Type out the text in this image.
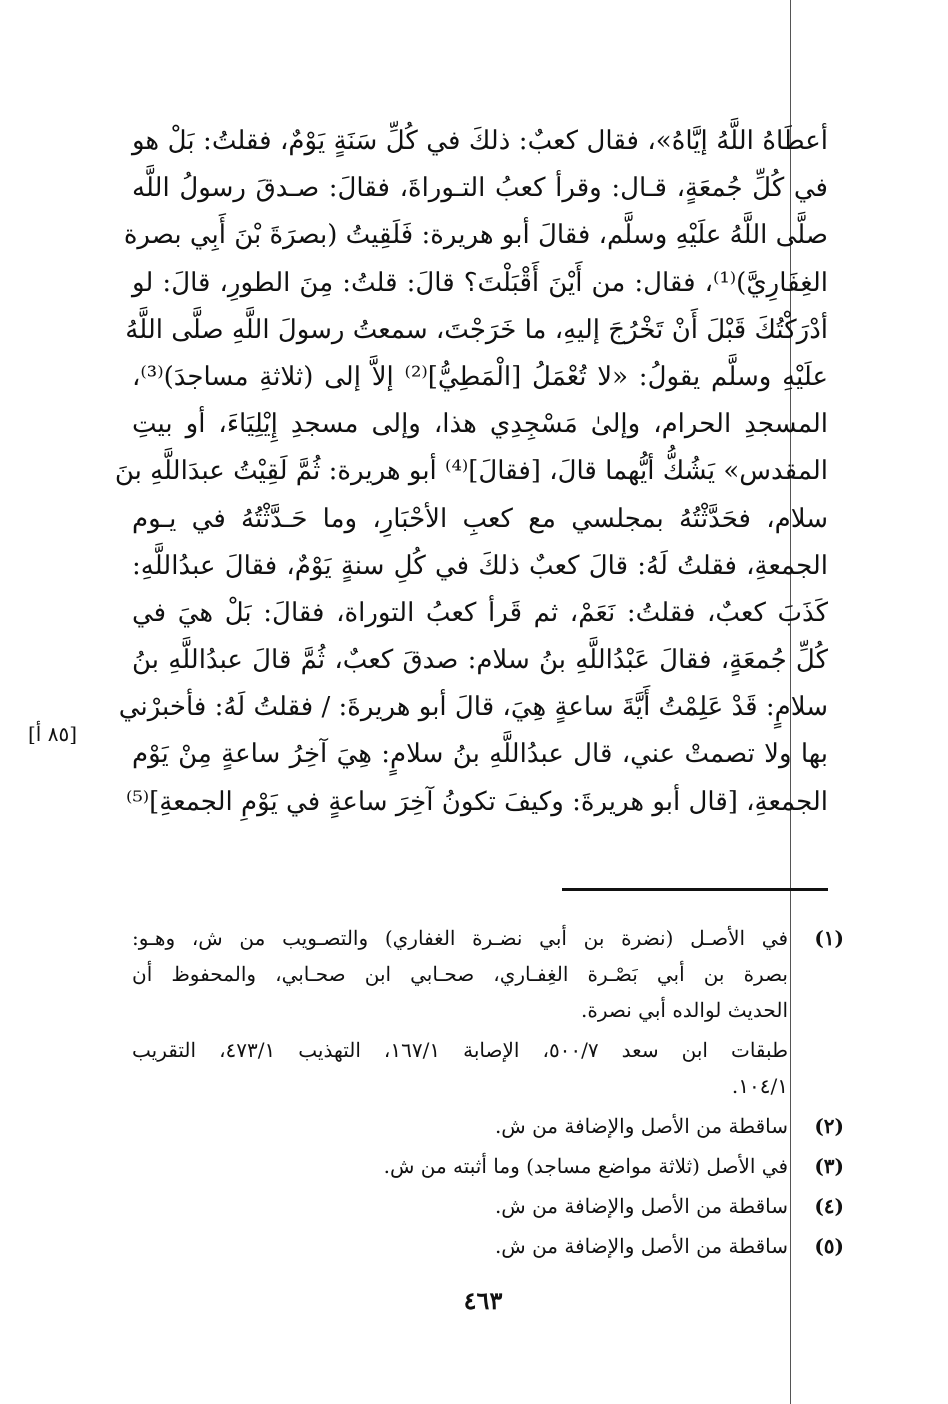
أعطَاهُ اللَّهُ إيَّاهُ»، فقال كعبٌ: ذلكَ في كُلِّ سَنَةٍ يَوْمٌ، فقلتُ: بَلْ هو
في كُلِّ جُمعَةٍ، قـال: وقرأ كعبُ التـوراةَ، فقالَ: صـدقَ رسولُ اللَّه
صلَّى اللَّهُ علَيْهِ وسلَّم، فقالَ أبو هريرة: فَلَقِيتُ (بصرَةَ بْنَ أَبِي بصرة
الغِفَارِيَّ)⁽¹⁾، فقال: من أَيْنَ أَقْبَلْتَ؟ قالَ: قلتُ: مِنَ الطورِ، قالَ: لو
أدْرَكْتُكَ قَبْلَ أَنْ تَخْرُجَ إليهِ، ما خَرَجْتَ، سمعتُ رسولَ اللَّهِ صلَّى اللَّهُ
علَيْهِ وسلَّم يقولُ: «لا تُعْمَلُ [الْمَطِيُّ]⁽²⁾ إلاَّ إلى (ثلاثةِ مساجدَ)⁽³⁾،
المسجدِ الحرام، وإلىٰ مَسْجِدِي هذا، وإلى مسجدِ إِيْلِيَاءَ، أو بيتِ
المقدس» يَشُكُّ أيُّهما قالَ، [فقالَ]⁽⁴⁾ أبو هريرة: ثُمَّ لَقِيْتُ عبدَاللَّهِ بنَ
سلام، فحَدَّثْتُهُ بمجلسي مع كعبِ الأحْبَارِ، وما حَـدَّثْتُهُ في يـوم
الجمعةِ، فقلتُ لَهُ: قالَ كعبٌ ذلكَ في كُلِ سنةٍ يَوْمٌ، فقالَ عبدُاللَّهِ:
كَذَبَ كعبٌ، فقلتُ: نَعَمْ، ثم قَرأ كعبُ التوراة، فقالَ: بَلْ هيَ في
كُلِّ جُمعَةٍ، فقالَ عَبْدُاللَّهِ بنُ سلام: صدقَ كعبٌ، ثُمَّ قالَ عبدُاللَّهِ بنُ
سلامٍ: قَدْ عَلِمْتُ أَيَّةَ ساعةٍ هِيَ، قالَ أبو هريرةَ: / فقلتُ لَهُ: فأخبرْني
بها ولا تصمتْ عني، قال عبدُاللَّهِ بنُ سلامٍ: هِيَ آخِرُ ساعةٍ مِنْ يَوْم
الجمعةِ، [قال أبو هريرةَ: وكيفَ تكونُ آخِرَ ساعةٍ في يَوْمِ الجمعةِ]⁽⁵⁾
[٨٥ أ]
(١)
في الأصـل (نضرة بن أبي نضـرة الغفاري) والتصـويب من ش، وهـو:
بصرة بن أبي بَصْـرة الغِفـاري، صحـابي ابن صحـابي، والمحفوظ أن
الحديث لوالده أبي نصرة.
طبقات ابن سعد ٥٠٠/٧، الإصابة ١٦٧/١، التهذيب ٤٧٣/١، التقريب
١٠٤/١.
(٢)
ساقطة من الأصل والإضافة من ش.
(٣)
في الأصل (ثلاثة مواضع مساجد) وما أثبته من ش.
(٤)
ساقطة من الأصل والإضافة من ش.
(٥)
ساقطة من الأصل والإضافة من ش.
٤٦٣
